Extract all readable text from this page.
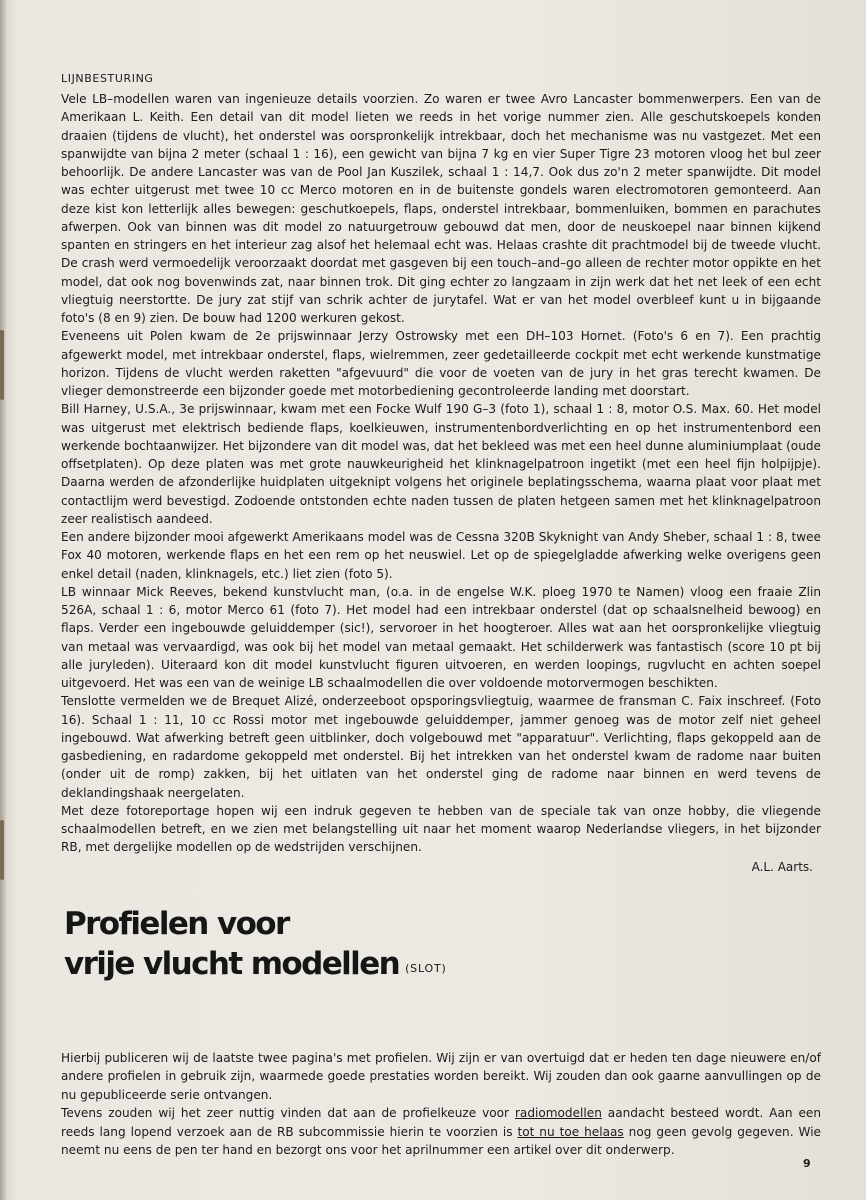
LIJNBESTURING

Vele LB–modellen waren van ingenieuze details voorzien. Zo waren er twee Avro Lancaster bommenwerpers. Een van de Amerikaan L. Keith. Een detail van dit model lieten we reeds in het vorige nummer zien. Alle geschutskoepels konden draaien (tijdens de vlucht), het onderstel was oorspronkelijk intrekbaar, doch het mechanisme was nu vastgezet. Met een spanwijdte van bijna 2 meter (schaal 1 : 16), een gewicht van bijna 7 kg en vier Super Tigre 23 motoren vloog het bul zeer behoorlijk. De andere Lancaster was van de Pool Jan Kuszilek, schaal 1 : 14,7. Ook dus zo'n 2 meter spanwijdte. Dit model was echter uitgerust met twee 10 cc Merco motoren en in de buitenste gondels waren electromotoren gemonteerd. Aan deze kist kon letterlijk alles bewegen: geschutkoepels, flaps, onderstel intrekbaar, bommenluiken, bommen en parachutes afwerpen. Ook van binnen was dit model zo natuurgetrouw gebouwd dat men, door de neuskoepel naar binnen kijkend spanten en stringers en het interieur zag alsof het helemaal echt was. Helaas crashte dit prachtmodel bij de tweede vlucht. De crash werd vermoedelijk veroorzaakt doordat met gasgeven bij een touch–and–go alleen de rechter motor oppikte en het model, dat ook nog bovenwinds zat, naar binnen trok. Dit ging echter zo langzaam in zijn werk dat het net leek of een echt vliegtuig neerstortte. De jury zat stijf van schrik achter de jurytafel. Wat er van het model overbleef kunt u in bijgaande foto's (8 en 9) zien. De bouw had 1200 werkuren gekost.

Eveneens uit Polen kwam de 2e prijswinnaar Jerzy Ostrowsky met een DH–103 Hornet. (Foto's 6 en 7). Een prachtig afgewerkt model, met intrekbaar onderstel, flaps, wielremmen, zeer gedetailleerde cockpit met echt werkende kunstmatige horizon. Tijdens de vlucht werden raketten "afgevuurd" die voor de voeten van de jury in het gras terecht kwamen. De vlieger demonstreerde een bijzonder goede met motorbediening gecontroleerde landing met doorstart.

Bill Harney, U.S.A., 3e prijswinnaar, kwam met een Focke Wulf 190 G–3 (foto 1), schaal 1 : 8, motor O.S. Max. 60. Het model was uitgerust met elektrisch bediende flaps, koelkieuwen, instrumentenbordverlichting en op het instrumentenbord een werkende bochtaanwijzer. Het bijzondere van dit model was, dat het bekleed was met een heel dunne aluminiumplaat (oude offsetplaten). Op deze platen was met grote nauwkeurigheid het klinknagelpatroon ingetikt (met een heel fijn holpijpje). Daarna werden de afzonderlijke huidplaten uitgeknipt volgens het originele beplatingsschema, waarna plaat voor plaat met contactlijm werd bevestigd. Zodoende ontstonden echte naden tussen de platen hetgeen samen met het klinknagelpatroon zeer realistisch aandeed.

Een andere bijzonder mooi afgewerkt Amerikaans model was de Cessna 320B Skyknight van Andy Sheber, schaal 1 : 8, twee Fox 40 motoren, werkende flaps en het een rem op het neuswiel. Let op de spiegelgladde afwerking welke overigens geen enkel detail (naden, klinknagels, etc.) liet zien (foto 5).

LB winnaar Mick Reeves, bekend kunstvlucht man, (o.a. in de engelse W.K. ploeg 1970 te Namen) vloog een fraaie Zlin 526A, schaal 1 : 6, motor Merco 61 (foto 7). Het model had een intrekbaar onderstel (dat op schaalsnelheid bewoog) en flaps. Verder een ingebouwde geluiddemper (sic!), servoroer in het hoogteroer. Alles wat aan het oorspronkelijke vliegtuig van metaal was vervaardigd, was ook bij het model van metaal gemaakt. Het schilderwerk was fantastisch (score 10 pt bij alle juryleden). Uiteraard kon dit model kunstvlucht figuren uitvoeren, en werden loopings, rugvlucht en achten soepel uitgevoerd. Het was een van de weinige LB schaalmodellen die over voldoende motorvermogen beschikten.

Tenslotte vermelden we de Brequet Alizé, onderzeeboot opsporingsvliegtuig, waarmee de fransman C. Faix inschreef. (Foto 16). Schaal 1 : 11, 10 cc Rossi motor met ingebouwde geluiddemper, jammer genoeg was de motor zelf niet geheel ingebouwd. Wat afwerking betreft geen uitblinker, doch volgebouwd met "apparatuur". Verlichting, flaps gekoppeld aan de gasbediening, en radardome gekoppeld met onderstel. Bij het intrekken van het onderstel kwam de radome naar buiten (onder uit de romp) zakken, bij het uitlaten van het onderstel ging de radome naar binnen en werd tevens de deklandingshaak neergelaten.

Met deze fotoreportage hopen wij een indruk gegeven te hebben van de speciale tak van onze hobby, die vliegende schaalmodellen betreft, en we zien met belangstelling uit naar het moment waarop Nederlandse vliegers, in het bijzonder RB, met dergelijke modellen op de wedstrijden verschijnen.

A.L. Aarts.
Profielen voor
vrije vlucht modellen (SLOT)

Hierbij publiceren wij de laatste twee pagina's met profielen. Wij zijn er van overtuigd dat er heden ten dage nieuwere en/of andere profielen in gebruik zijn, waarmede goede prestaties worden bereikt. Wij zouden dan ook gaarne aanvullingen op de nu gepubliceerde serie ontvangen.

Tevens zouden wij het zeer nuttig vinden dat aan de profielkeuze voor radiomodellen aandacht besteed wordt. Aan een reeds lang lopend verzoek aan de RB subcommissie hierin te voorzien is tot nu toe helaas nog geen gevolg gegeven. Wie neemt nu eens de pen ter hand en bezorgt ons voor het aprilnummer een artikel over dit onderwerp.

9
